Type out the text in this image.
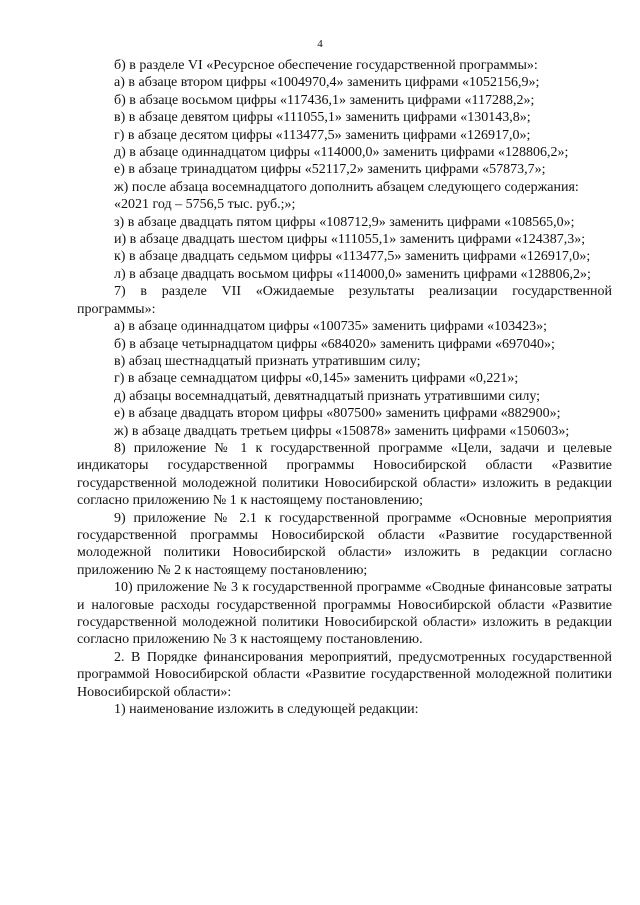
4

б) в разделе VI «Ресурсное обеспечение государственной программы»:

а) в абзаце втором цифры «1004970,4» заменить цифрами «1052156,9»;

б) в абзаце восьмом цифры «117436,1» заменить цифрами «117288,2»;

в) в абзаце девятом цифры «111055,1» заменить цифрами «130143,8»;

г) в абзаце десятом цифры «113477,5» заменить цифрами «126917,0»;

д) в абзаце одиннадцатом цифры «114000,0» заменить цифрами «128806,2»;

е) в абзаце тринадцатом цифры «52117,2» заменить цифрами «57873,7»;

ж) после абзаца восемнадцатого дополнить абзацем следующего содержания:

«2021 год – 5756,5 тыс. руб.;»;

з) в абзаце двадцать пятом цифры «108712,9» заменить цифрами «108565,0»;

и) в абзаце двадцать шестом цифры «111055,1» заменить цифрами «124387,3»;

к) в абзаце двадцать седьмом цифры «113477,5» заменить цифрами «126917,0»;

л) в абзаце двадцать восьмом цифры «114000,0» заменить цифрами «128806,2»;

7) в разделе VII «Ожидаемые результаты реализации государственной программы»:

а) в абзаце одиннадцатом цифры «100735» заменить цифрами «103423»;

б) в абзаце четырнадцатом цифры «684020» заменить цифрами «697040»;

в) абзац шестнадцатый признать утратившим силу;

г) в абзаце семнадцатом цифры «0,145» заменить цифрами «0,221»;

д) абзацы восемнадцатый, девятнадцатый признать утратившими силу;

е) в абзаце двадцать втором цифры «807500» заменить цифрами «882900»;

ж) в абзаце двадцать третьем цифры «150878» заменить цифрами «150603»;

8) приложение № 1 к государственной программе «Цели, задачи и целевые индикаторы государственной программы Новосибирской области «Развитие государственной молодежной политики Новосибирской области» изложить в редакции согласно приложению № 1 к настоящему постановлению;

9) приложение № 2.1 к государственной программе «Основные мероприятия государственной программы Новосибирской области «Развитие государственной молодежной политики Новосибирской области» изложить в редакции согласно приложению № 2 к настоящему постановлению;

10) приложение № 3 к государственной программе «Сводные финансовые затраты и налоговые расходы государственной программы Новосибирской области «Развитие государственной молодежной политики Новосибирской области» изложить в редакции согласно приложению № 3 к настоящему постановлению.

2. В Порядке финансирования мероприятий, предусмотренных государственной программой Новосибирской области «Развитие государственной молодежной политики Новосибирской области»:

1) наименование изложить в следующей редакции:
